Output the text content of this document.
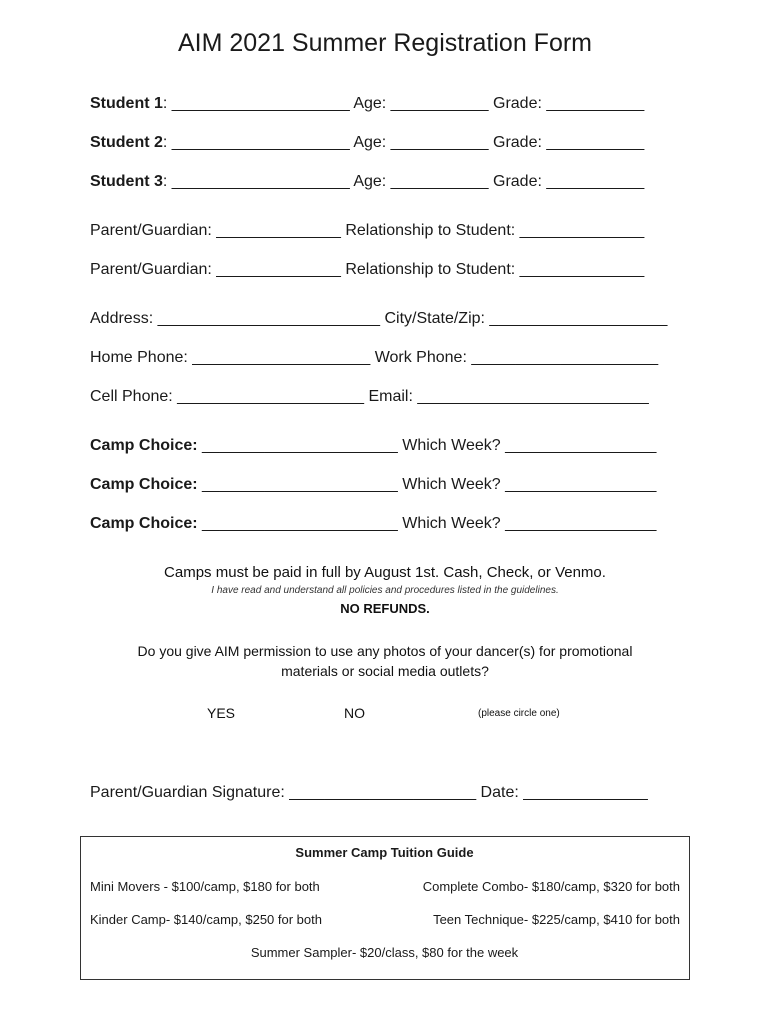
AIM 2021 Summer Registration Form
Student 1: ____________________ Age: ___________ Grade: ___________
Student 2: ____________________ Age: ___________ Grade: ___________
Student 3: ____________________ Age: ___________ Grade: ___________
Parent/Guardian: ______________ Relationship to Student: ______________
Parent/Guardian: ______________ Relationship to Student: ______________
Address: _________________________ City/State/Zip: ____________________
Home Phone: ____________________ Work Phone: _____________________
Cell Phone: _____________________ Email: __________________________
Camp Choice: ______________________ Which Week? _________________
Camp Choice: ______________________ Which Week? _________________
Camp Choice: ______________________ Which Week? _________________
Camps must be paid in full by August 1st. Cash, Check, or Venmo.
I have read and understand all policies and procedures listed in the guidelines.
NO REFUNDS.
Do you give AIM permission to use any photos of your dancer(s) for promotional
materials or social media outlets?
YES	NO	(please circle one)
Parent/Guardian Signature: _____________________ Date: ______________
Summer Camp Tuition Guide
Mini Movers - $100/camp, $180 for both	Complete Combo- $180/camp, $320 for both
Kinder Camp- $140/camp, $250 for both	Teen Technique- $225/camp, $410 for both
Summer Sampler- $20/class, $80 for the week
